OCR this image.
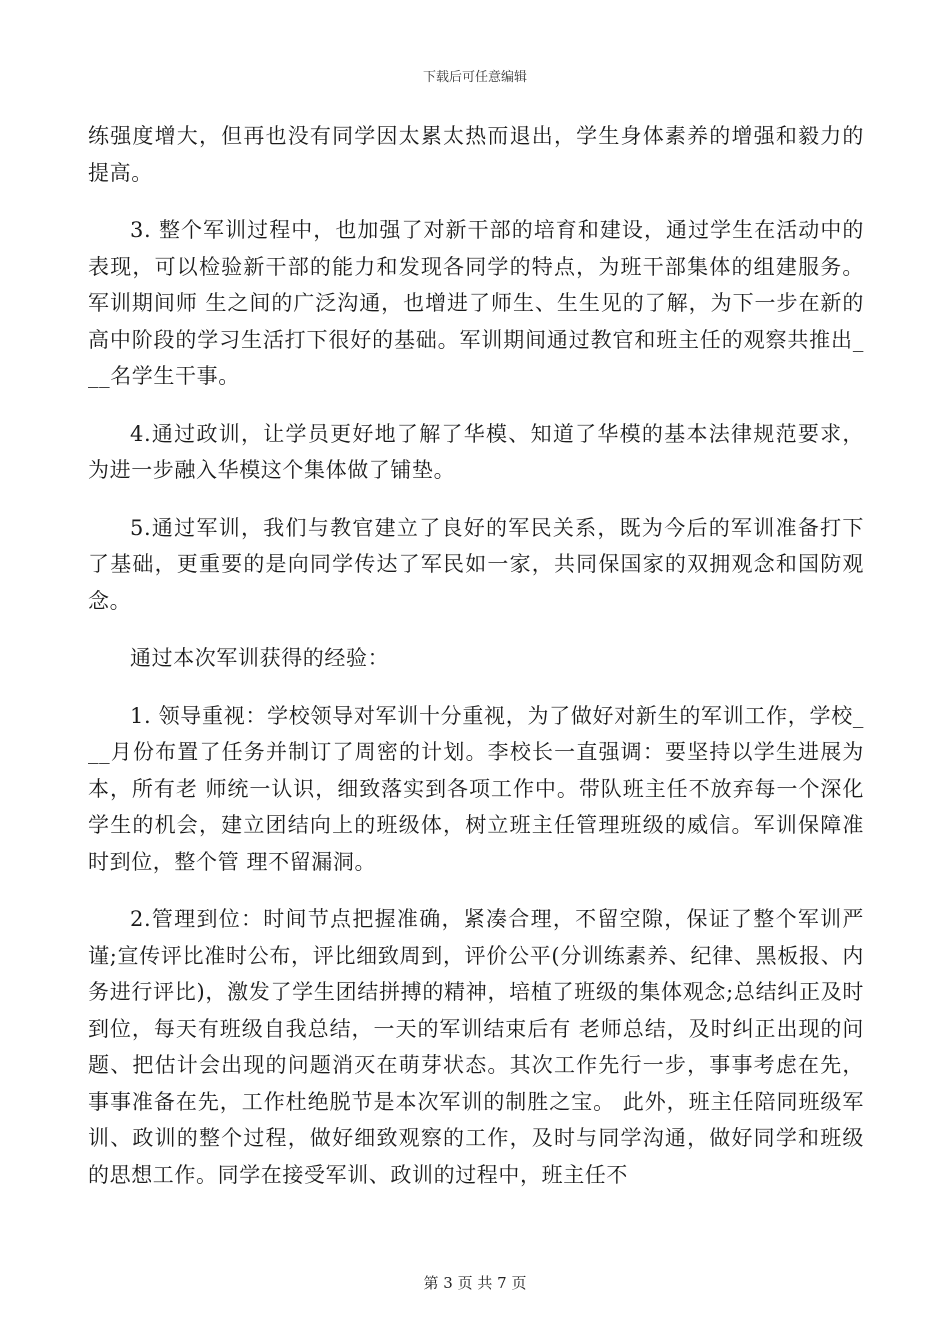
下载后可任意编辑

练强度增大，但再也没有同学因太累太热而退出，学生身体素养的增强和毅力的提高。

3. 整个军训过程中，也加强了对新干部的培育和建设，通过学生在活动中的表现，可以检验新干部的能力和发现各同学的特点，为班干部集体的组建服务。军训期间师 生之间的广泛沟通，也增进了师生、生生见的了解，为下一步在新的高中阶段的学习生活打下很好的基础。军训期间通过教官和班主任的观察共推出___名学生干事。

4.通过政训，让学员更好地了解了华模、知道了华模的基本法律规范要求，为进一步融入华模这个集体做了铺垫。

5.通过军训，我们与教官建立了良好的军民关系，既为今后的军训准备打下了基础，更重要的是向同学传达了军民如一家，共同保国家的双拥观念和国防观念。

通过本次军训获得的经验：

1. 领导重视：学校领导对军训十分重视，为了做好对新生的军训工作，学校___月份布置了任务并制订了周密的计划。李校长一直强调：要坚持以学生进展为本，所有老 师统一认识，细致落实到各项工作中。带队班主任不放弃每一个深化学生的机会，建立团结向上的班级体，树立班主任管理班级的威信。军训保障准时到位，整个管 理不留漏洞。

2.管理到位：时间节点把握准确，紧凑合理，不留空隙，保证了整个军训严谨;宣传评比准时公布，评比细致周到，评价公平(分训练素养、纪律、黑板报、内务进行评比)，激发了学生团结拼搏的精神，培植了班级的集体观念;总结纠正及时到位，每天有班级自我总结，一天的军训结束后有 老师总结，及时纠正出现的问题、把估计会出现的问题消灭在萌芽状态。其次工作先行一步，事事考虑在先，事事准备在先，工作杜绝脱节是本次军训的制胜之宝。 此外，班主任陪同班级军训、政训的整个过程，做好细致观察的工作，及时与同学沟通，做好同学和班级的思想工作。同学在接受军训、政训的过程中，班主任不

第 3 页 共 7 页
